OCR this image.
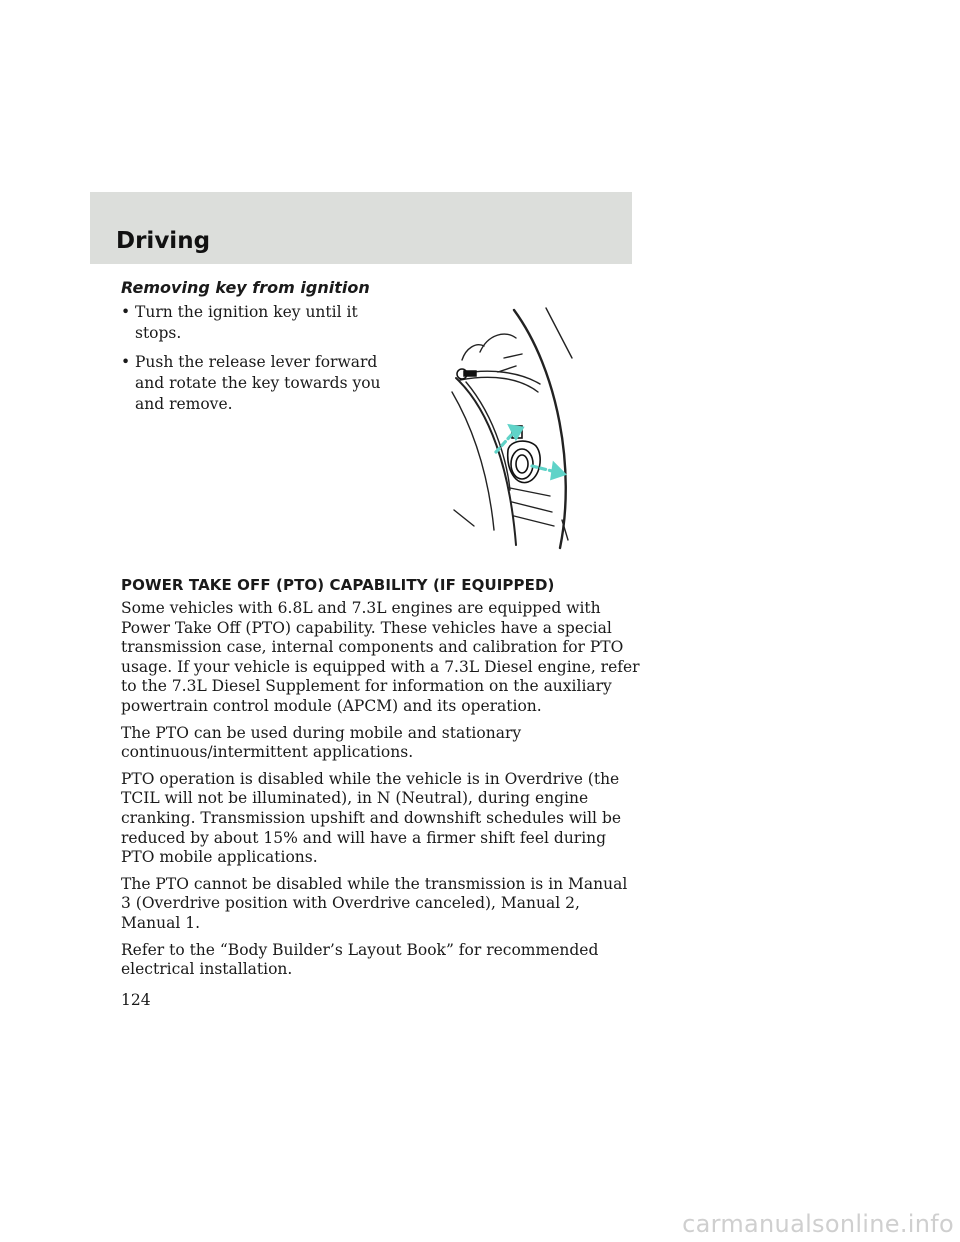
Driving
Removing key from ignition
• Turn the ignition key until it stops.
• Push the release lever forward and rotate the key towards you and remove.
POWER TAKE OFF (PTO) CAPABILITY (IF EQUIPPED)

Some vehicles with 6.8L and 7.3L engines are equipped with Power Take Off (PTO) capability. These vehicles have a special transmission case, internal components and calibration for PTO usage. If your vehicle is equipped with a 7.3L Diesel engine, refer to the 7.3L Diesel Supplement for information on the auxiliary powertrain control module (APCM) and its operation.

The PTO can be used during mobile and stationary continuous/intermittent applications.

PTO operation is disabled while the vehicle is in Overdrive (the TCIL will not be illuminated), in N (Neutral), during engine cranking. Transmission upshift and downshift schedules will be reduced by about 15% and will have a firmer shift feel during PTO mobile applications.

The PTO cannot be disabled while the transmission is in Manual 3 (Overdrive position with Overdrive canceled), Manual 2, Manual 1.

Refer to the “Body Builder’s Layout Book” for recommended electrical installation.

124
carmanualsonline.info
